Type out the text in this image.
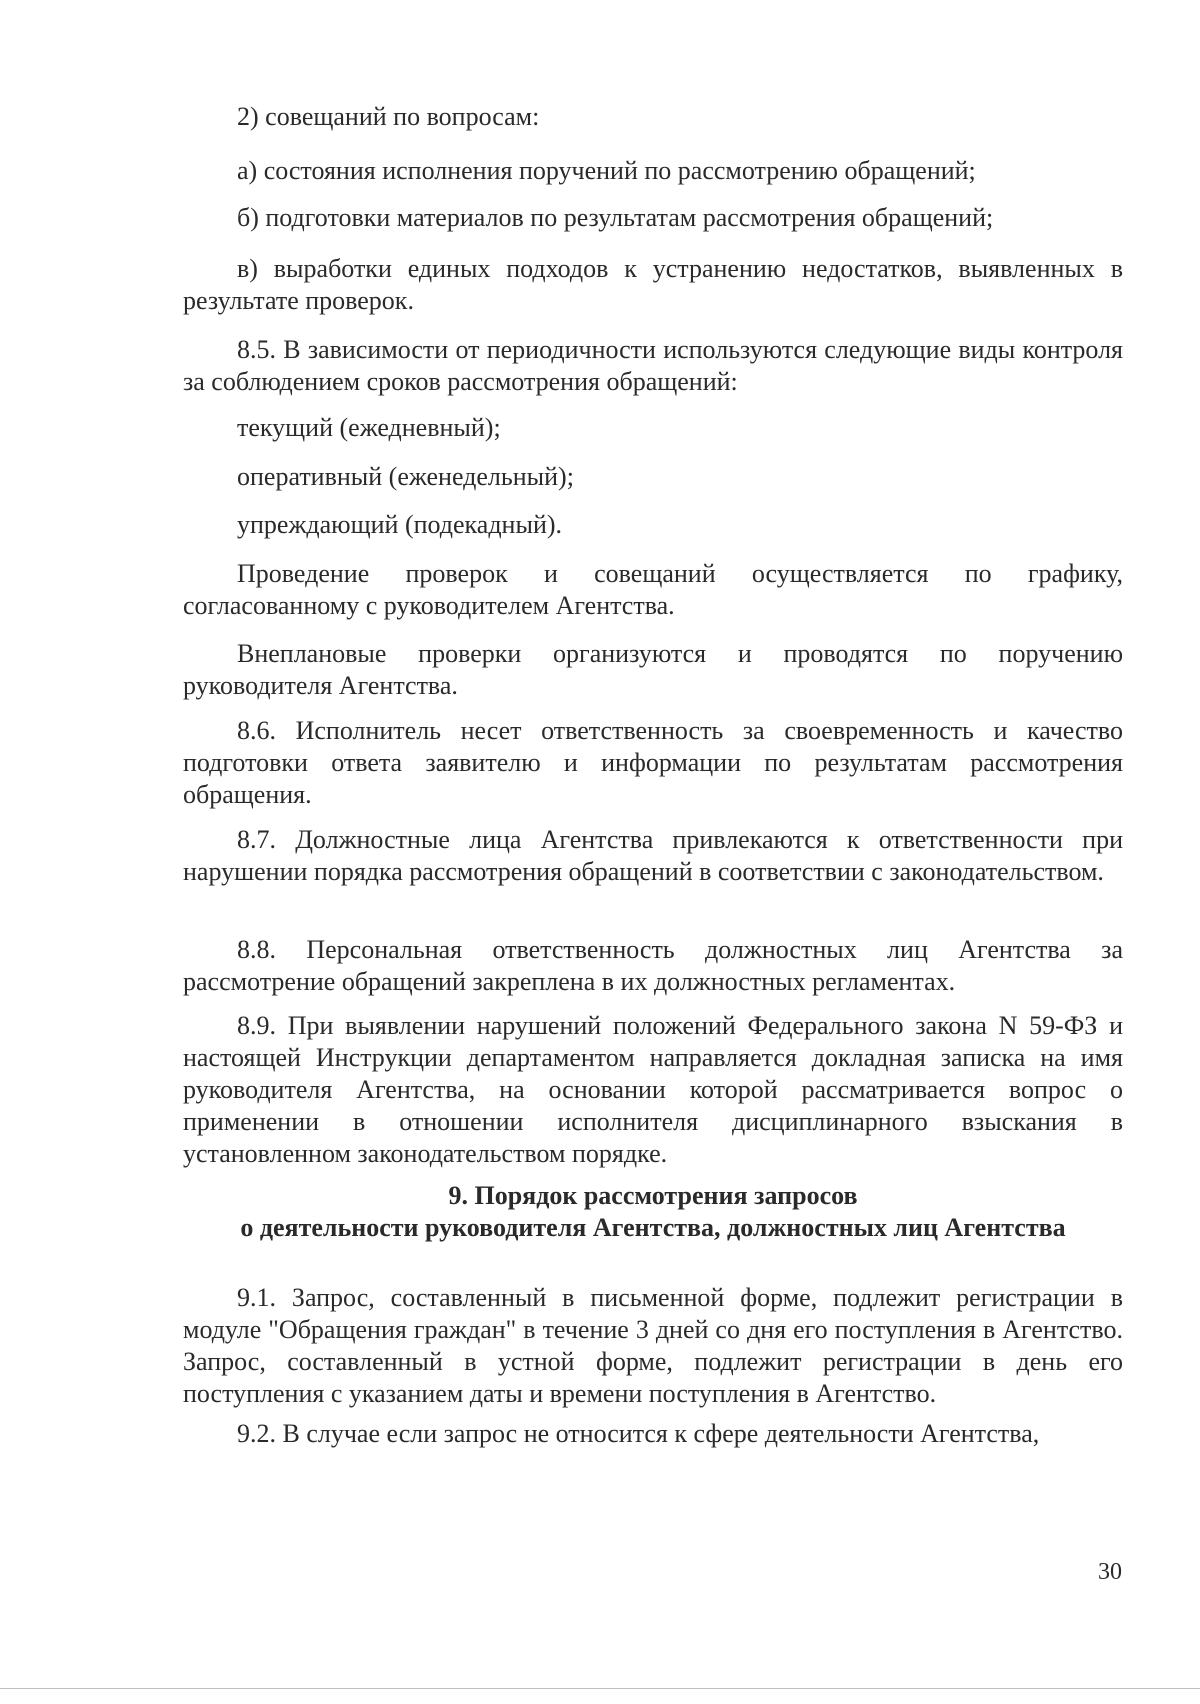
2) совещаний по вопросам:

а) состояния исполнения поручений по рассмотрению обращений;

б) подготовки материалов по результатам рассмотрения обращений;

в) выработки единых подходов к устранению недостатков, выявленных в результате проверок.

8.5. В зависимости от периодичности используются следующие виды контроля за соблюдением сроков рассмотрения обращений:

текущий (ежедневный);

оперативный (еженедельный);

упреждающий (подекадный).

Проведение проверок и совещаний осуществляется по графику, согласованному с руководителем Агентства.

Внеплановые проверки организуются и проводятся по поручению руководителя Агентства.

8.6. Исполнитель несет ответственность за своевременность и качество подготовки ответа заявителю и информации по результатам рассмотрения обращения.

8.7. Должностные лица Агентства привлекаются к ответственности при нарушении порядка рассмотрения обращений в соответствии с законодательством.

8.8. Персональная ответственность должностных лиц Агентства за рассмотрение обращений закреплена в их должностных регламентах.

8.9. При выявлении нарушений положений Федерального закона N 59-ФЗ и настоящей Инструкции департаментом направляется докладная записка на имя руководителя Агентства, на основании которой рассматривается вопрос о применении в отношении исполнителя дисциплинарного взыскания в установленном законодательством порядке.

9. Порядок рассмотрения запросов
о деятельности руководителя Агентства, должностных лиц Агентства

9.1. Запрос, составленный в письменной форме, подлежит регистрации в модуле "Обращения граждан" в течение 3 дней со дня его поступления в Агентство. Запрос, составленный в устной форме, подлежит регистрации в день его поступления с указанием даты и времени поступления в Агентство.

9.2. В случае если запрос не относится к сфере деятельности Агентства,

30
